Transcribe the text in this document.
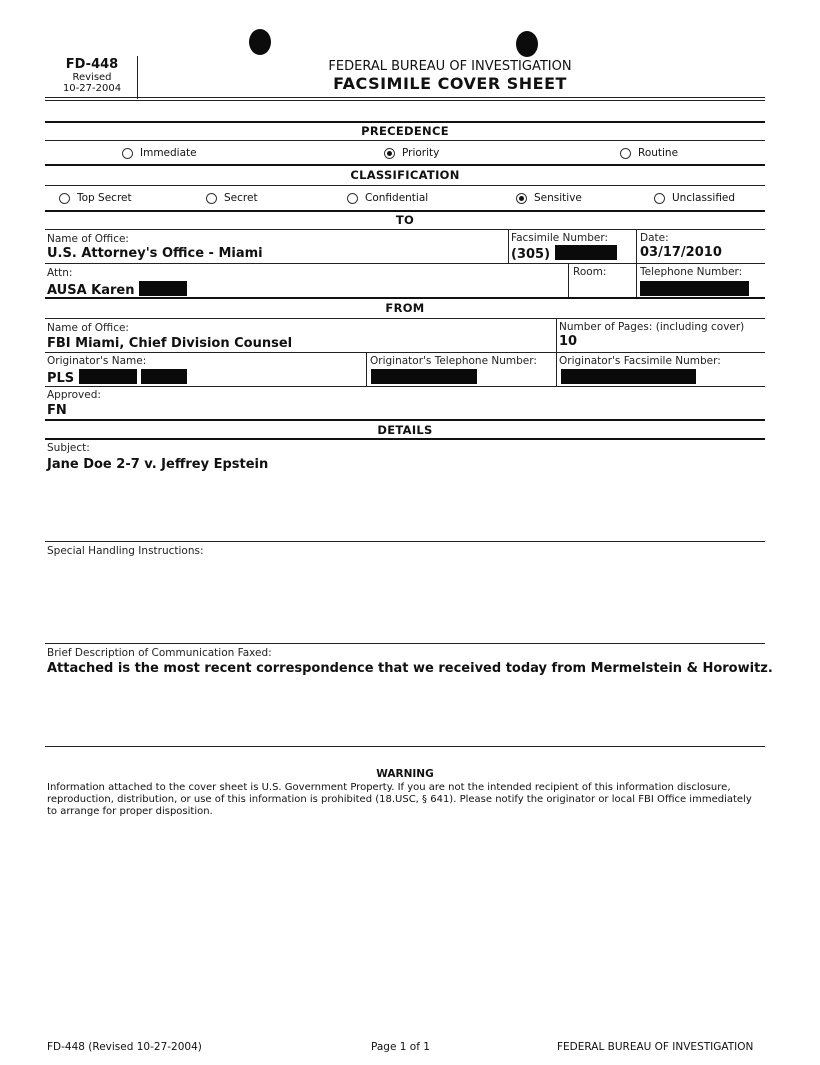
FD-448
Revised
10-27-2004
FEDERAL BUREAU OF INVESTIGATION
FACSIMILE COVER SHEET
PRECEDENCE
Immediate	Priority	Routine
CLASSIFICATION
Top Secret	Secret	Confidential	Sensitive	Unclassified
TO
Name of Office:
U.S. Attorney's Office - Miami
Facsimile Number:
(305)
Date:
03/17/2010
Attn:
AUSA Karen
Room:	Telephone Number:
FROM
Name of Office:
FBI Miami, Chief Division Counsel
Number of Pages: (including cover)
10
Originator's Name:
PLS
Originator's Telephone Number: Originator's Facsimile Number:
Approved:
FN
DETAILS
Subject:
Jane Doe 2-7 v. Jeffrey Epstein
Special Handling Instructions:
Brief Description of Communication Faxed:
Attached is the most recent correspondence that we received today from Mermelstein & Horowitz.
WARNING
Information attached to the cover sheet is U.S. Government Property. If you are not the intended recipient of this information disclosure, reproduction, distribution, or use of this information is prohibited (18.USC, § 641). Please notify the originator or local FBI Office immediately to arrange for proper disposition.
FD-448 (Revised 10-27-2004)	Page 1 of 1	FEDERAL BUREAU OF INVESTIGATION
